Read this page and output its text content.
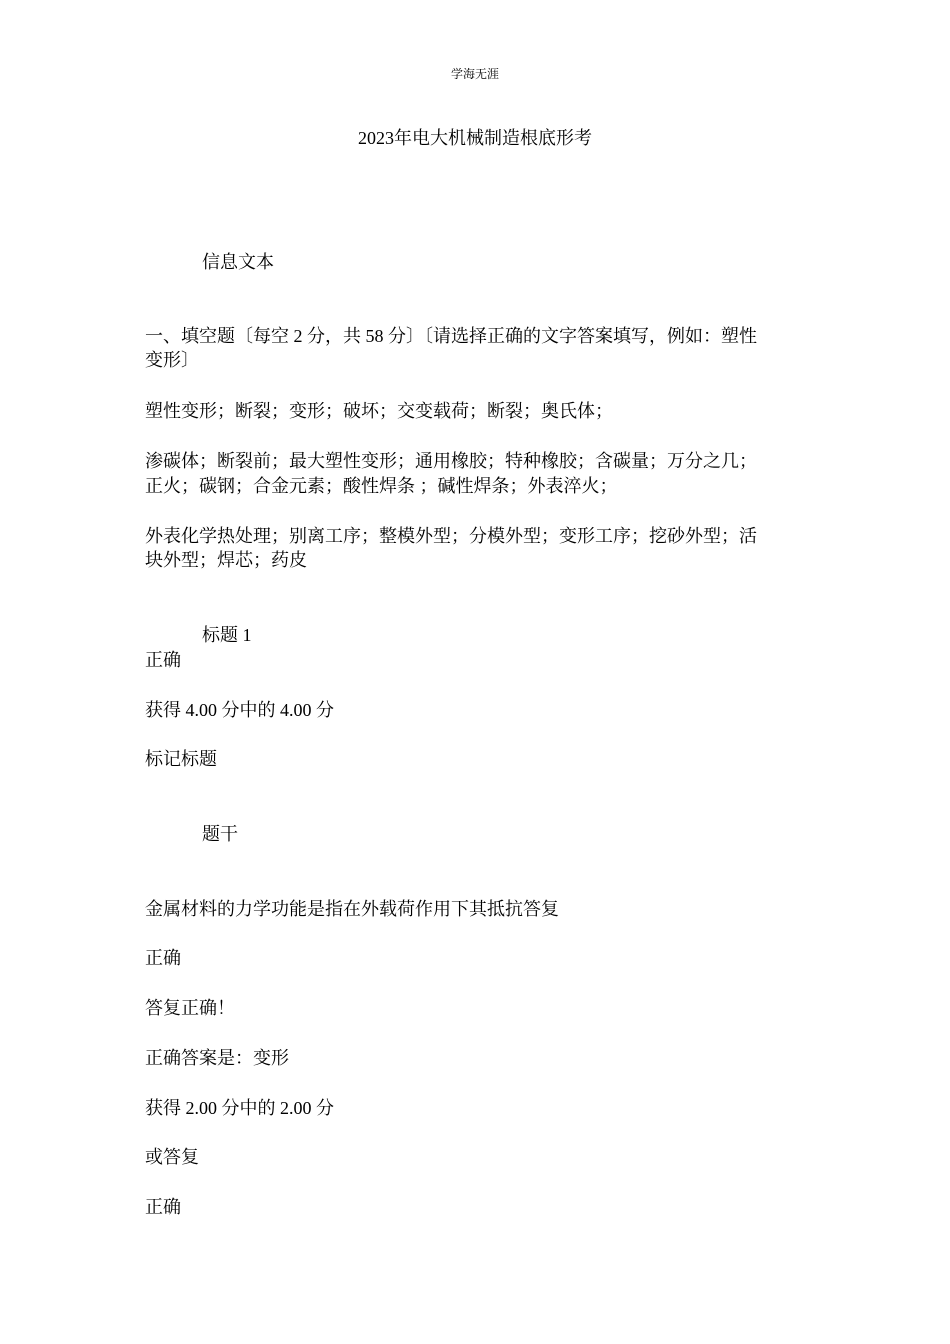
学海无涯
2023年电大机械制造根底形考
信息文本
一、填空题〔每空 2 分，共 58 分〕〔请选择正确的文字答案填写，例如：塑性
变形〕
塑性变形；断裂；变形；破坏；交变载荷；断裂；奥氏体；
渗碳体；断裂前；最大塑性变形；通用橡胶；特种橡胶；含碳量；万分之几；
正火；碳钢；合金元素；酸性焊条 ；碱性焊条；外表淬火；
外表化学热处理；别离工序；整模外型；分模外型；变形工序；挖砂外型；活
块外型；焊芯；药皮
标题 1
正确
获得 4.00 分中的 4.00 分
标记标题
题干
金属材料的力学功能是指在外载荷作用下其抵抗答复
正确
答复正确！
正确答案是：变形
获得 2.00 分中的 2.00 分
或答复
正确
